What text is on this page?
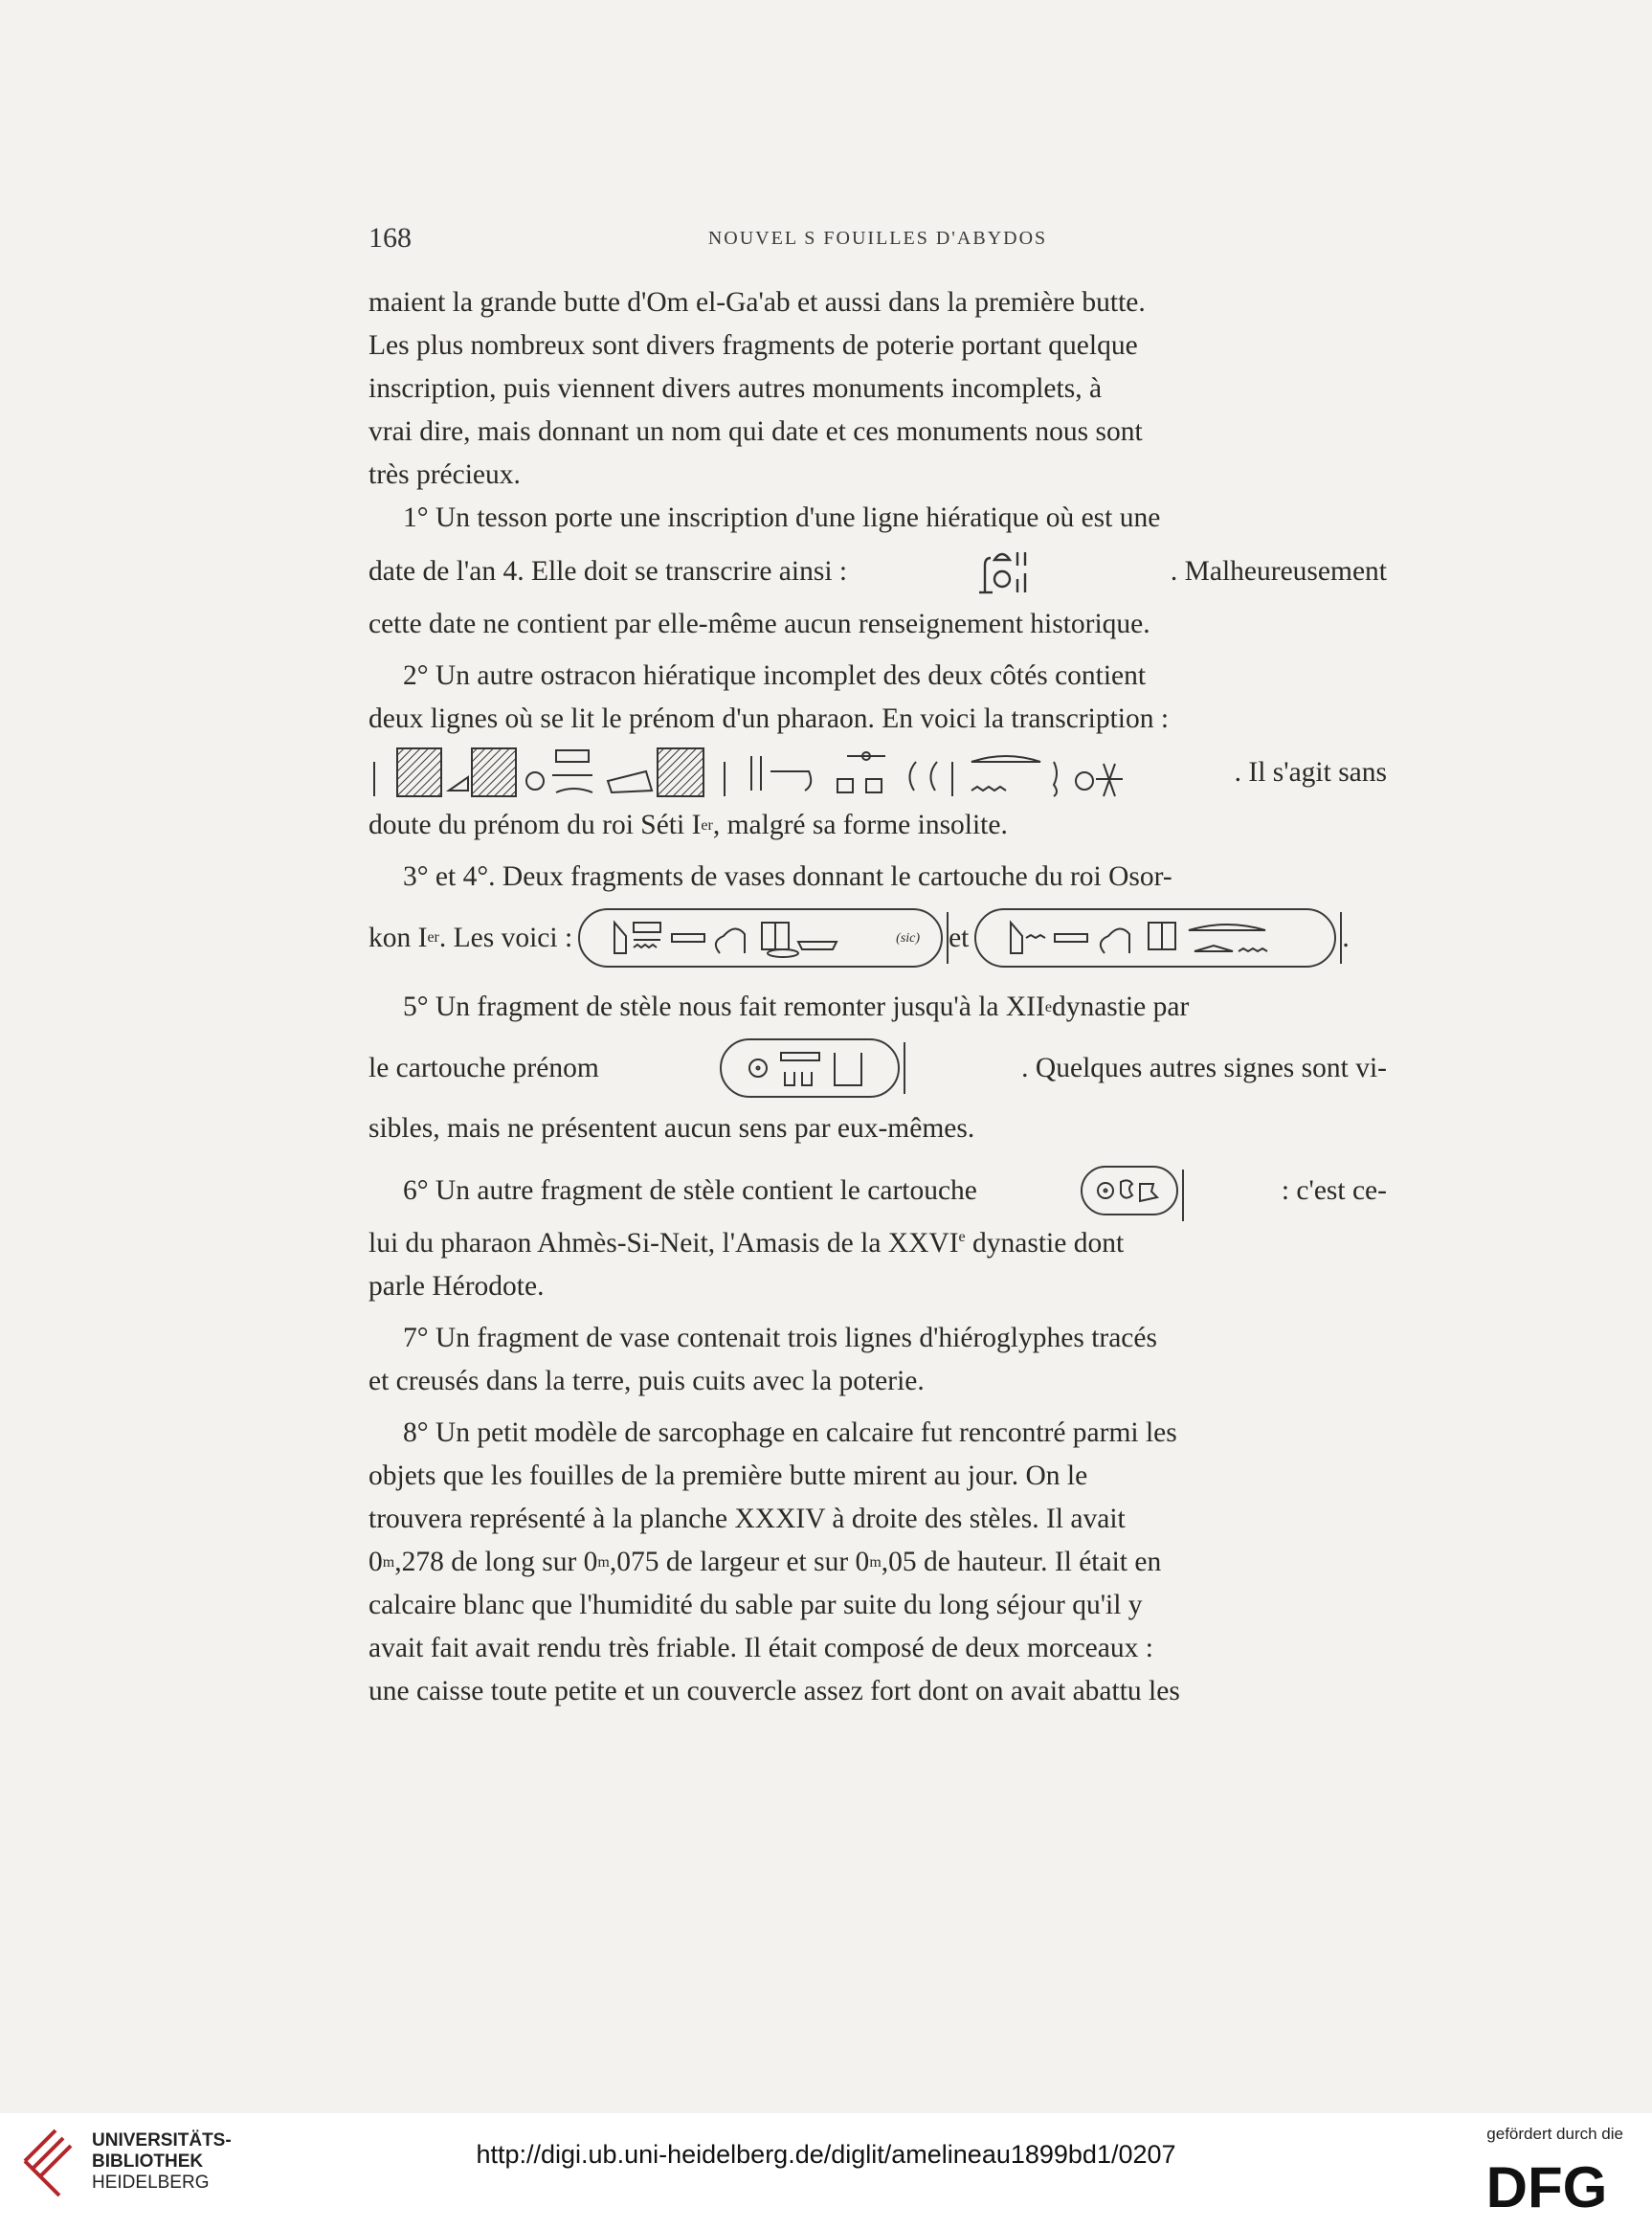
168	NOUVEL S FOUILLES D'ABYDOS
maient la grande butte d'Om el-Ga'ab et aussi dans la première butte.
Les plus nombreux sont divers fragments de poterie portant quelque
inscription, puis viennent divers autres monuments incomplets, à
vrai dire, mais donnant un nom qui date et ces monuments nous sont
très précieux.
1° Un tesson porte une inscription d'une ligne hiératique où est une
date de l'an 4. Elle doit se transcrire ainsi :	. Malheureusement
cette date ne contient par elle-même aucun renseignement historique.
2° Un autre ostracon hiératique incomplet des deux côtés contient
deux lignes où se lit le prénom d'un pharaon. En voici la transcription :
. Il s'agit sans
doute du prénom du roi Séti I er , malgré sa forme insolite.
3° et 4°. Deux fragments de vases donnant le cartouche du roi Osor-
kon I er . Les voici :	(sic) et	.
5° Un fragment de stèle nous fait remonter jusqu'à la XII e dynastie par
le cartouche prénom	. Quelques autres signes sont vi-
sibles, mais ne présentent aucun sens par eux-mêmes.
6° Un autre fragment de stèle contient le cartouche	: c'est ce-
lui du pharaon Ahmès-Si-Neit, l'Amasis de la XXVIe dynastie dont
parle Hérodote.
7° Un fragment de vase contenait trois lignes d'hiéroglyphes tracés
et creusés dans la terre, puis cuits avec la poterie.
8° Un petit modèle de sarcophage en calcaire fut rencontré parmi les
objets que les fouilles de la première butte mirent au jour. On le
trouvera représenté à la planche XXXIV à droite des stèles. Il avait
0 m ,278 de long sur 0 m ,075 de largeur et sur 0 m ,05 de hauteur. Il était en
calcaire blanc que l'humidité du sable par suite du long séjour qu'il y
avait fait avait rendu très friable. Il était composé de deux morceaux :
une caisse toute petite et un couvercle assez fort dont on avait abattu les
UNIVERSITÄTS-
BIBLIOTHEK
HEIDELBERG
http://digi.ub.uni-heidelberg.de/diglit/amelineau1899bd1/0207
gefördert durch die
DFG
